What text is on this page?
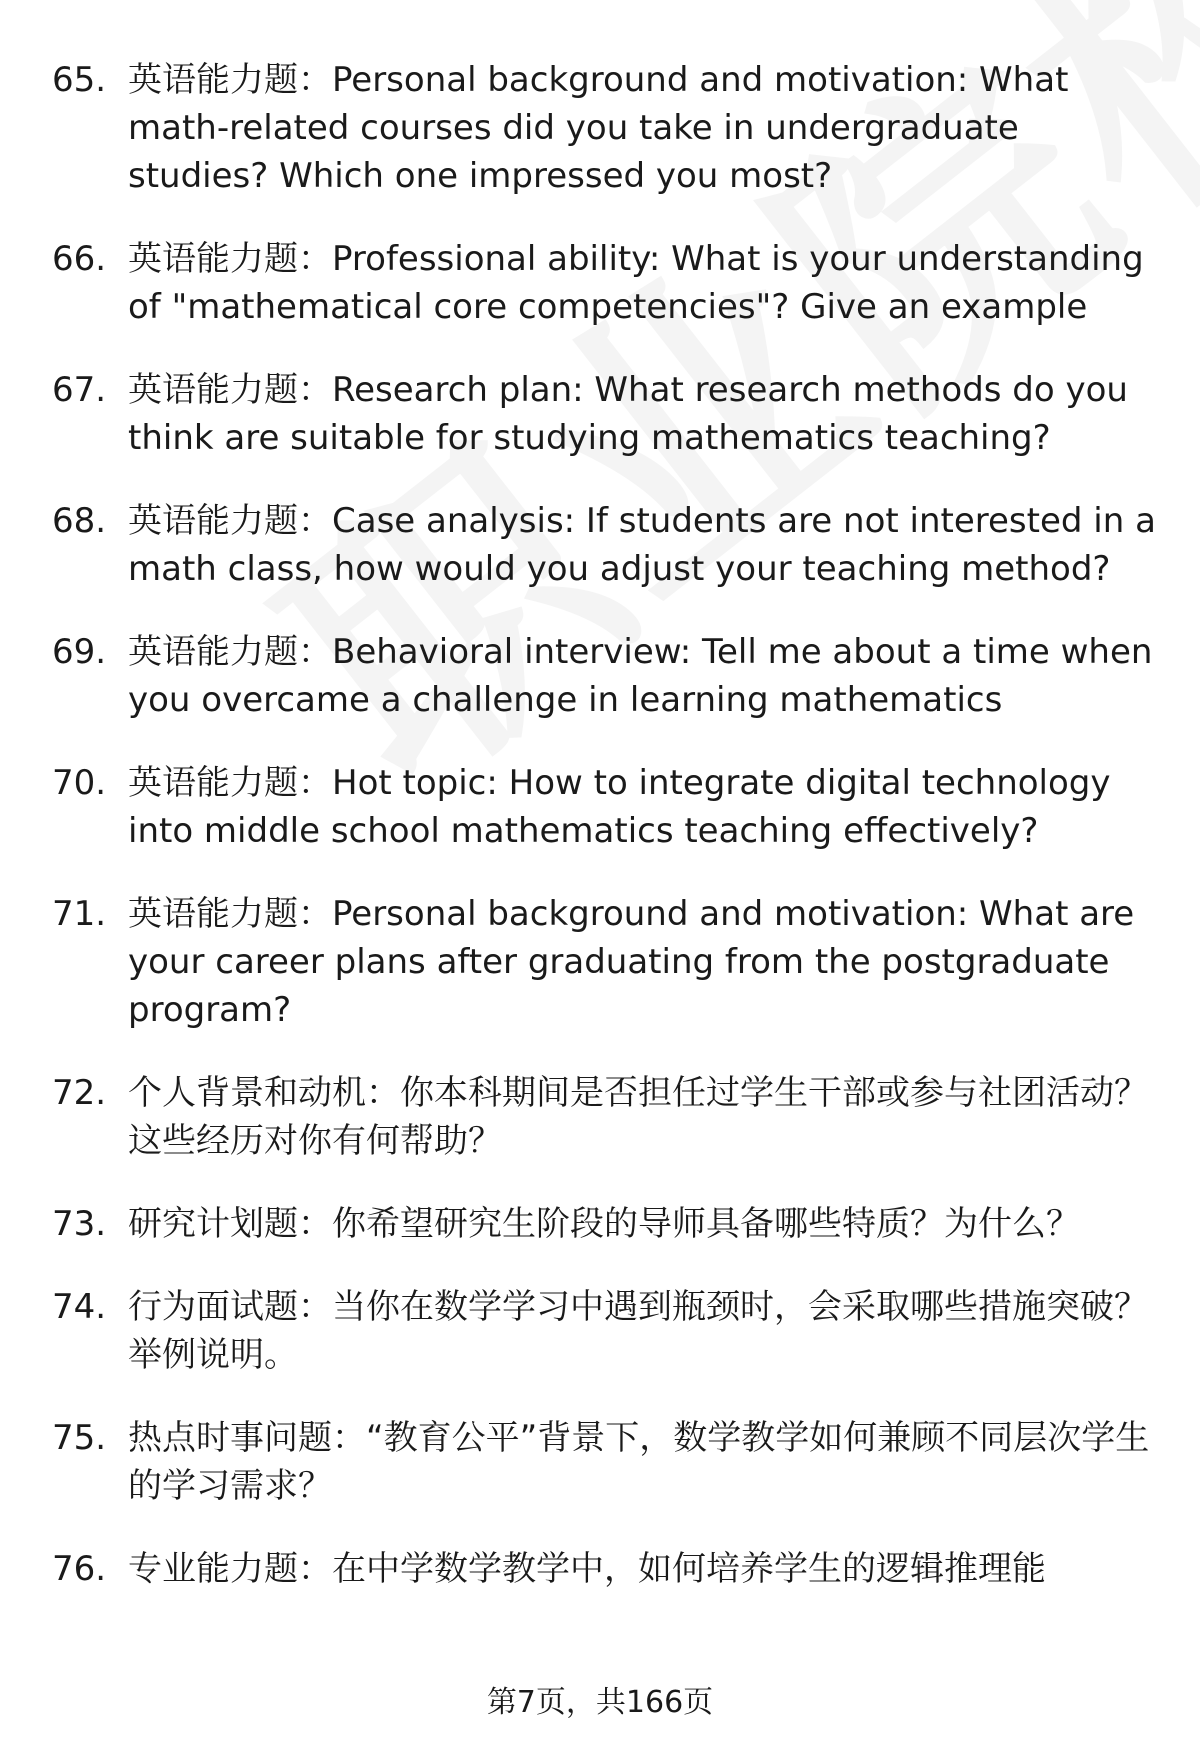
65. 英语能力题：Personal background and motivation: What math-related courses did you take in undergraduate studies? Which one impressed you most?
66. 英语能力题：Professional ability: What is your understanding of "mathematical core competencies"? Give an example
67. 英语能力题：Research plan: What research methods do you think are suitable for studying mathematics teaching?
68. 英语能力题：Case analysis: If students are not interested in a math class, how would you adjust your teaching method?
69. 英语能力题：Behavioral interview: Tell me about a time when you overcame a challenge in learning mathematics
70. 英语能力题：Hot topic: How to integrate digital technology into middle school mathematics teaching effectively?
71. 英语能力题：Personal background and motivation: What are your career plans after graduating from the postgraduate program?
72. 个人背景和动机：你本科期间是否担任过学生干部或参与社团活动？这些经历对你有何帮助？
73. 研究计划题：你希望研究生阶段的导师具备哪些特质？为什么？
74. 行为面试题：当你在数学学习中遇到瓶颈时，会采取哪些措施突破？举例说明。
75. 热点时事问题：“教育公平”背景下，数学教学如何兼顾不同层次学生的学习需求？
76. 专业能力题：在中学数学教学中，如何培养学生的逻辑推理能
第7页，共166页
